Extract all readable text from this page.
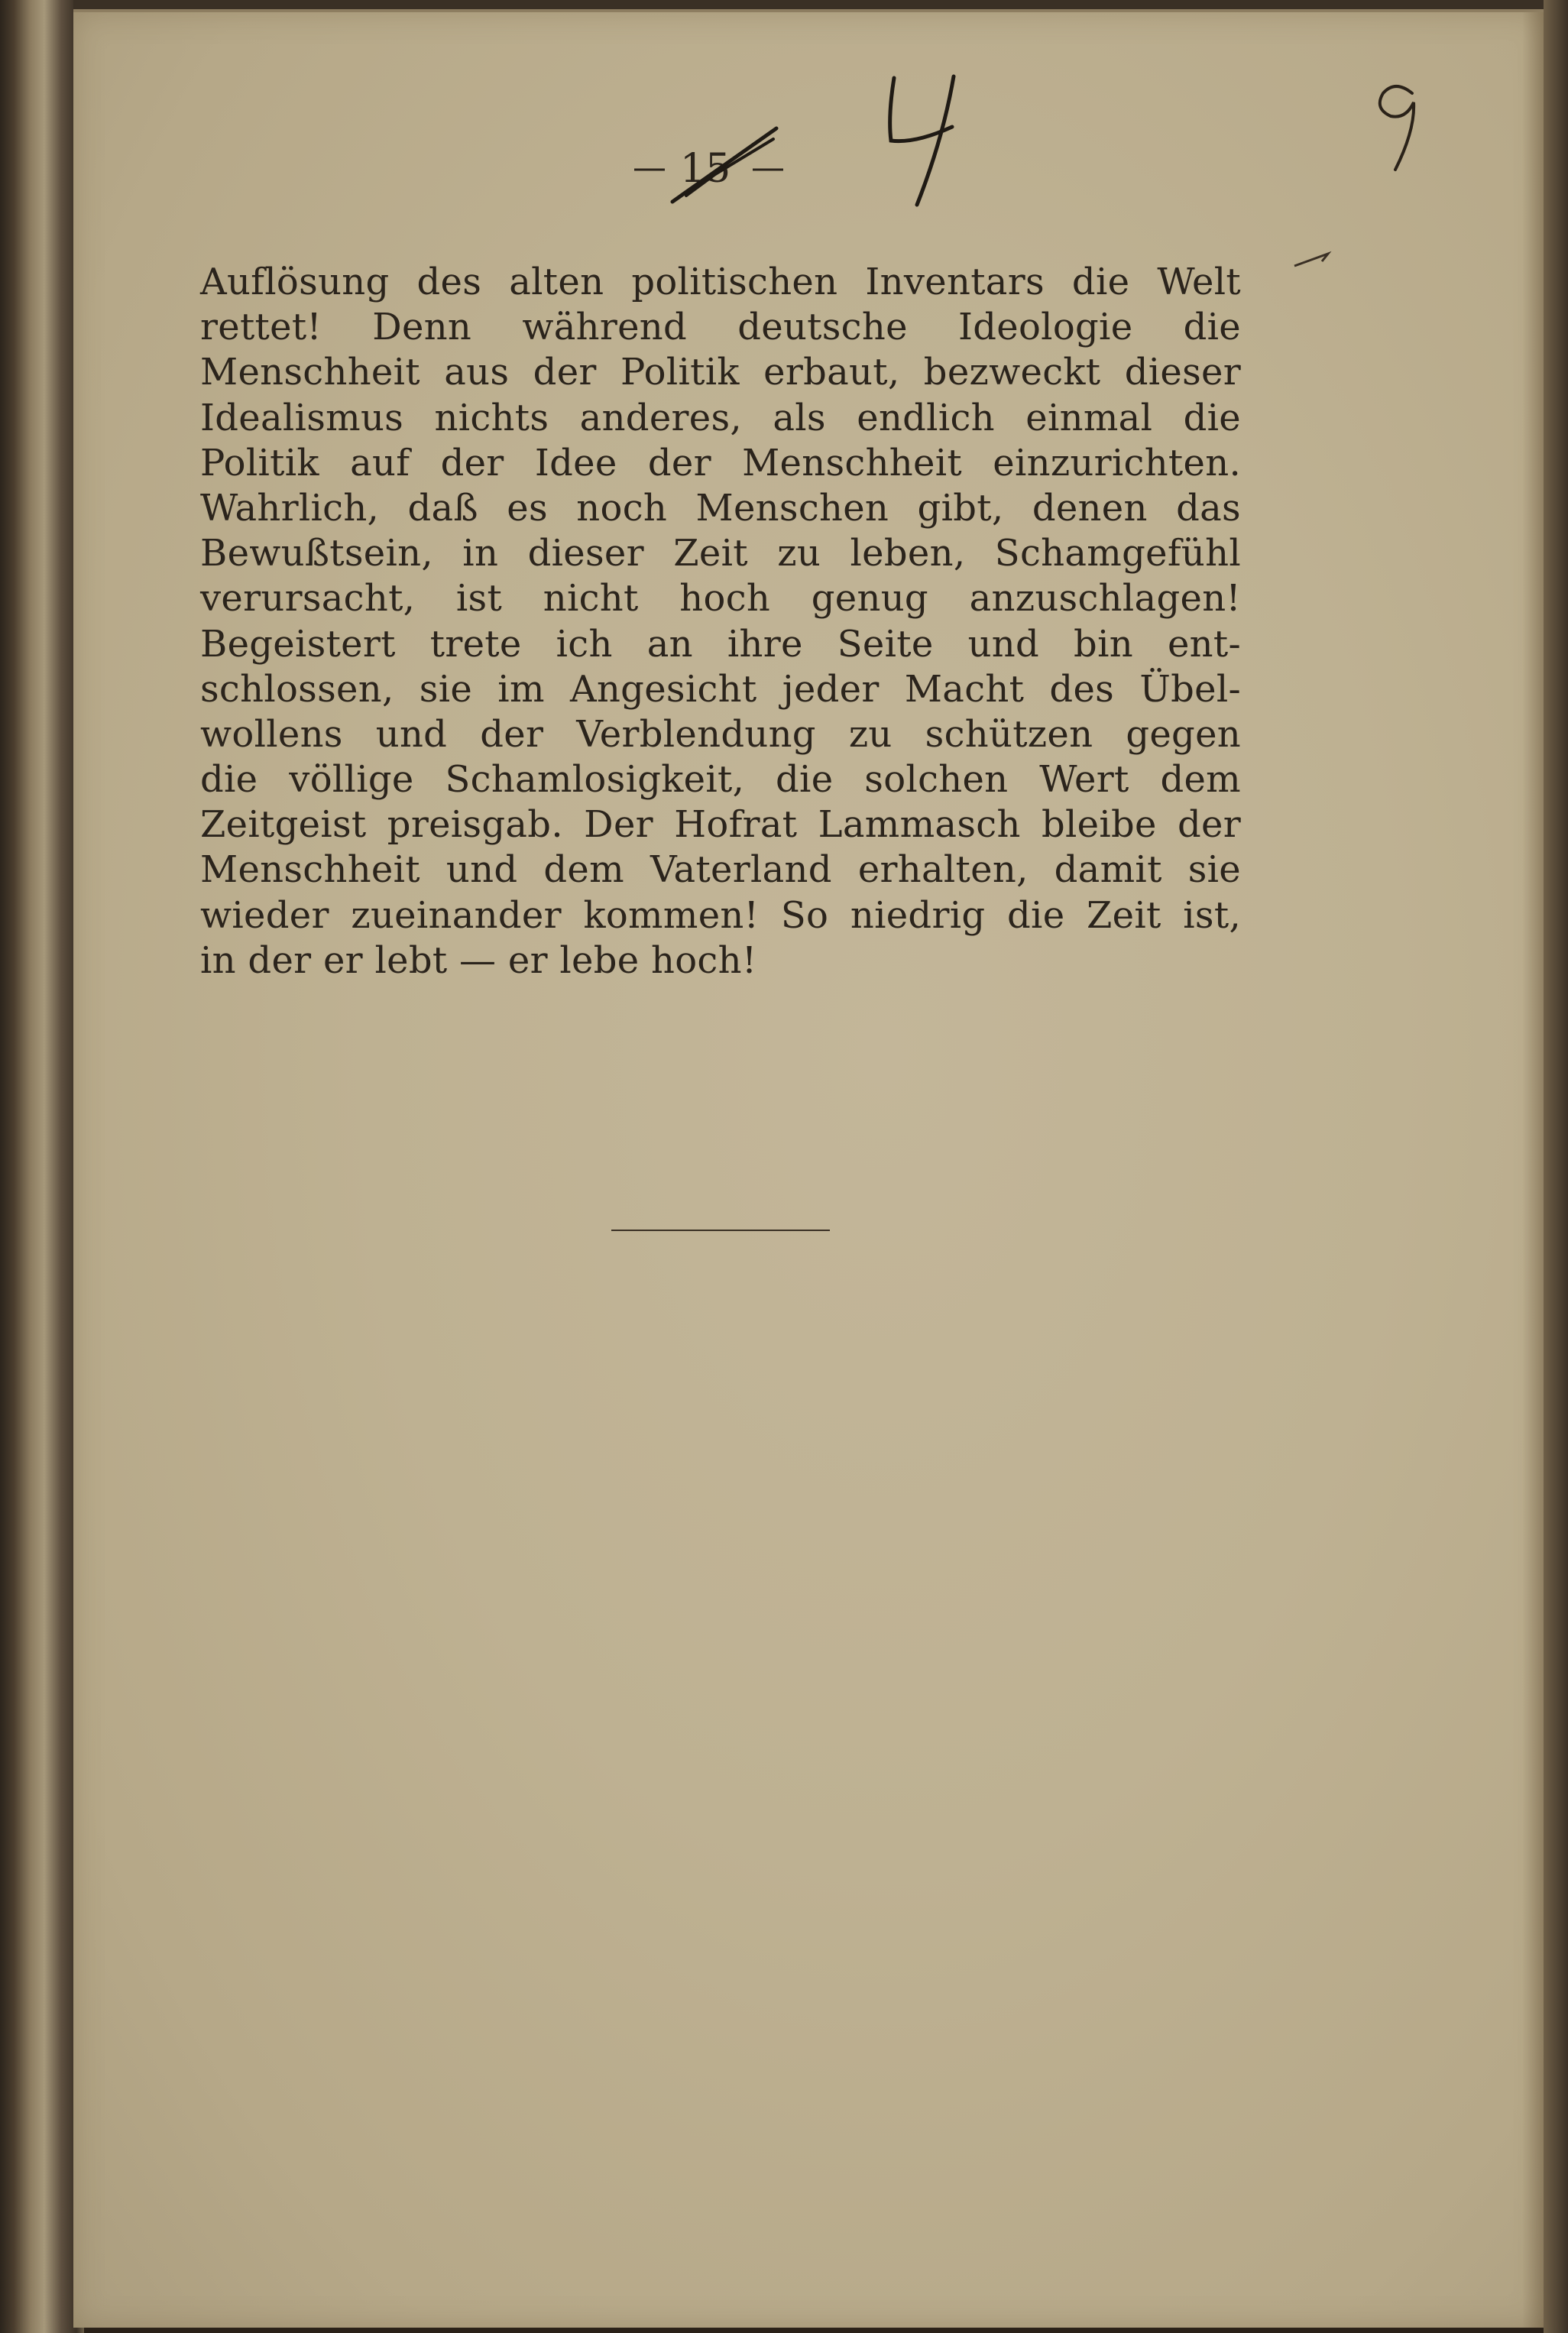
15
4
9
Auflösung des alten politischen Inventars die Welt
rettet! Denn während deutsche Ideologie die
Menschheit aus der Politik erbaut, bezweckt dieser
Idealismus nichts anderes, als endlich einmal die
Politik auf der Idee der Menschheit einzurichten.
Wahrlich, daß es noch Menschen gibt, denen das
Bewußtsein, in dieser Zeit zu leben, Schamgefühl
verursacht, ist nicht hoch genug anzuschlagen!
Begeistert trete ich an ihre Seite und bin ent-
schlossen, sie im Angesicht jeder Macht des Übel-
wollens und der Verblendung zu schützen gegen
die völlige Schamlosigkeit, die solchen Wert dem
Zeitgeist preisgab. Der Hofrat Lammasch bleibe der
Menschheit und dem Vaterland erhalten, damit sie
wieder zueinander kommen! So niedrig die Zeit ist,
in der er lebt — er lebe hoch!
